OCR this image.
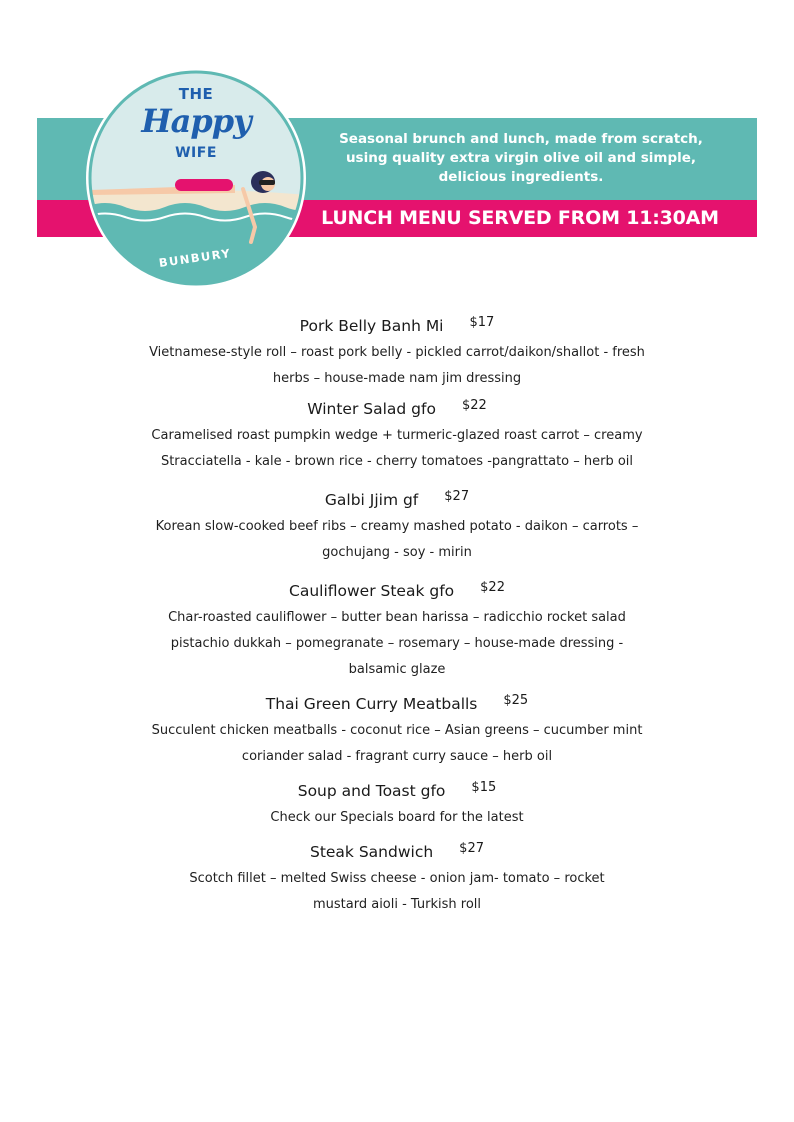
Seasonal brunch and lunch, made from scratch, using quality extra virgin olive oil and simple, delicious ingredients.
LUNCH MENU SERVED FROM 11:30AM
THE
Happy
WIFE
BUNBURY
Pork Belly Banh Mi $17
Vietnamese-style roll – roast pork belly - pickled carrot/daikon/shallot - fresh
herbs – house-made nam jim dressing
Winter Salad gfo $22
Caramelised roast pumpkin wedge + turmeric-glazed roast carrot – creamy
Stracciatella - kale - brown rice - cherry tomatoes -pangrattato – herb oil
Galbi Jjim gf $27
Korean slow-cooked beef ribs – creamy mashed potato - daikon – carrots –
gochujang - soy - mirin
Cauliflower Steak gfo $22
Char-roasted cauliflower – butter bean harissa – radicchio rocket salad
pistachio dukkah – pomegranate – rosemary – house-made dressing -
balsamic glaze
Thai Green Curry Meatballs $25
Succulent chicken meatballs - coconut rice – Asian greens – cucumber mint
coriander salad - fragrant curry sauce – herb oil
Soup and Toast gfo $15
Check our Specials board for the latest
Steak Sandwich $27
Scotch fillet – melted Swiss cheese - onion jam- tomato – rocket
mustard aioli - Turkish roll
